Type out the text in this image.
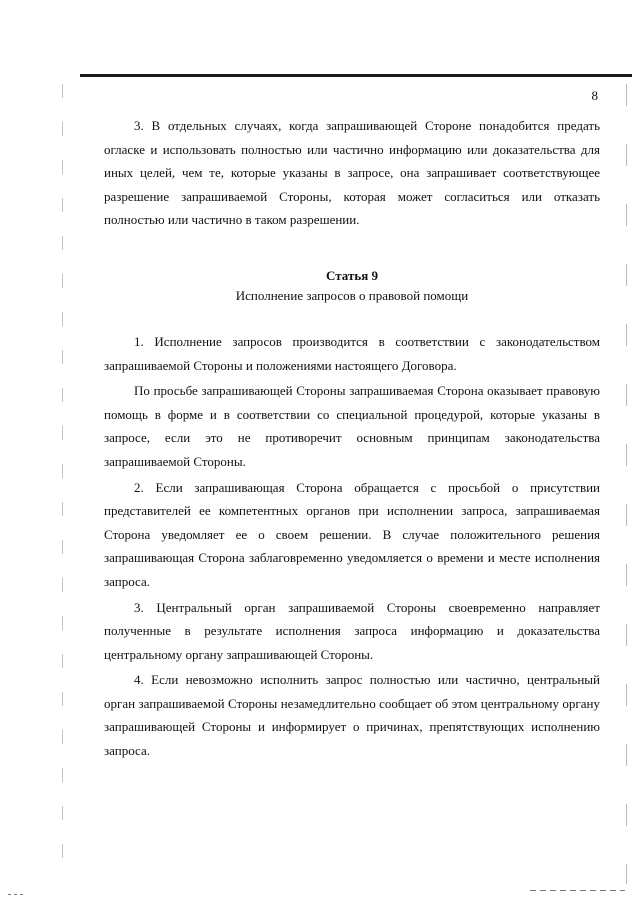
8

3. В отдельных случаях, когда запрашивающей Стороне понадобится предать огласке и использовать полностью или частично информацию или доказательства для иных целей, чем те, которые указаны в запросе, она запрашивает соответствующее разрешение запрашиваемой Стороны, которая может согласиться или отказать полностью или частично в таком разрешении.

Статья 9
Исполнение запросов о правовой помощи

1. Исполнение запросов производится в соответствии с законодательством запрашиваемой Стороны и положениями настоящего Договора.

По просьбе запрашивающей Стороны запрашиваемая Сторона оказывает правовую помощь в форме и в соответствии со специальной процедурой, которые указаны в запросе, если это не противоречит основным принципам законодательства запрашиваемой Стороны.

2. Если запрашивающая Сторона обращается с просьбой о присутствии представителей ее компетентных органов при исполнении запроса, запрашиваемая Сторона уведомляет ее о своем решении. В случае положительного решения запрашивающая Сторона заблаговременно уведомляется о времени и месте исполнения запроса.

3. Центральный орган запрашиваемой Стороны своевременно направляет полученные в результате исполнения запроса информацию и доказательства центральному органу запрашивающей Стороны.

4. Если невозможно исполнить запрос полностью или частично, центральный орган запрашиваемой Стороны незамедлительно сообщает об этом центральному органу запрашивающей Стороны и информирует о причинах, препятствующих исполнению запроса.
